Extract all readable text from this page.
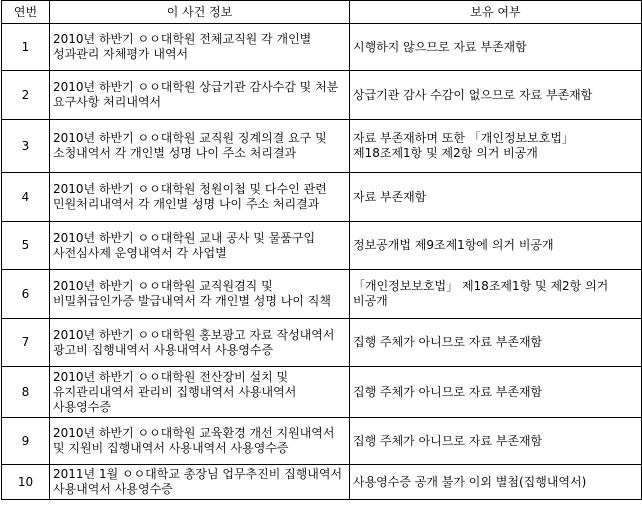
연번	이 사건 정보	보유 여부
1	2010년 하반기 ㅇㅇ대학원 전체교직원 각 개인별 성과관리 자체평가 내역서	시행하지 않으므로 자료 부존재함
2	2010년 하반기 ㅇㅇ대학원 상급기관 감사수감 및 처분 요구사항 처리내역서	상급기관 감사 수감이 없으므로 자료 부존재함
3	2010년 하반기 ㅇㅇ대학원 교직원 징계의결 요구 및 소청내역서 각 개인별 성명 나이 주소 처리결과	자료 부존재하며 또한 「개인정보보호법」 제18조제1항 및 제2항 의거 비공개
4	2010년 하반기 ㅇㅇ대학원 청원이첩 및 다수인 관련 민원처리내역서 각 개인별 성명 나이 주소 처리결과	자료 부존재함
5	2010년 하반기 ㅇㅇ대학원 교내 공사 및 물품구입 사전심사제 운영내역서 각 사업별	정보공개법 제9조제1항에 의거 비공개
6	2010년 하반기 ㅇㅇ대학원 교직원겸직 및 비밀취급인가증 발급내역서 각 개인별 성명 나이 직책	「개인정보보호법」 제18조제1항 및 제2항 의거 비공개
7	2010년 하반기 ㅇㅇ대학원 홍보광고 자료 작성내역서 광고비 집행내역서 사용내역서 사용영수증	집행 주체가 아니므로 자료 부존재함
8	2010년 하반기 ㅇㅇ대학원 전산장비 설치 및 유지관리내역서 관리비 집행내역서 사용내역서 사용영수증	집행 주체가 아니므로 자료 부존재함
9	2010년 하반기 ㅇㅇ대학원 교육환경 개선 지원내역서 및 지원비 집행내역서 사용내역서 사용영수증	집행 주체가 아니므로 자료 부존재함
10	2011년 1월 ㅇㅇ대학교 총장님 업무추진비 집행내역서 사용내역서 사용영수증	사용영수증 공개 불가 이외 별첨(집행내역서)
